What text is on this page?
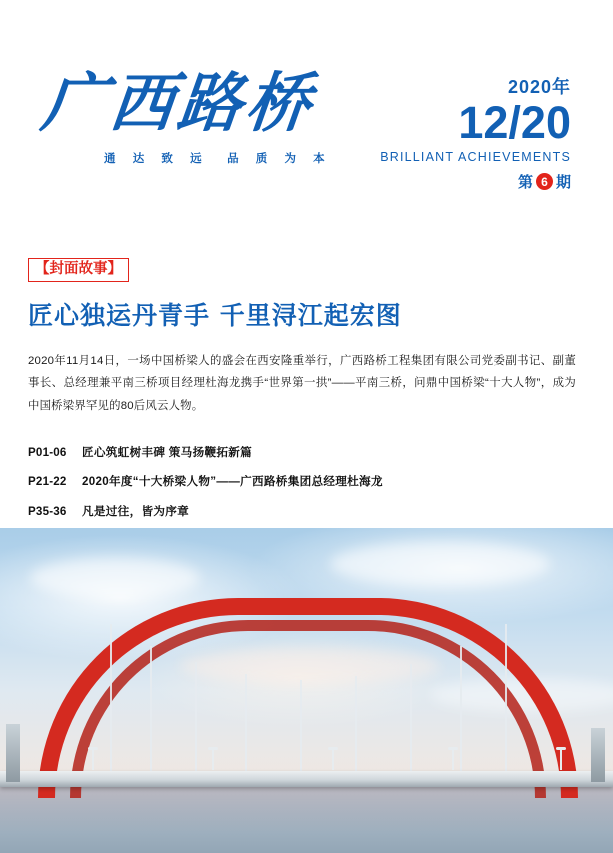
广西路桥
通 达 致 远　品 质 为 本
2020年
12/20
BRILLIANT ACHIEVEMENTS
第 6 期
【封面故事】
匠心独运丹青手 千里浔江起宏图
2020年11月14日，一场中国桥梁人的盛会在西安隆重举行，广西路桥工程集团有限公司党委副书记、副董事长、总经理兼平南三桥项目经理杜海龙携手“世界第一拱”——平南三桥，问鼎中国桥梁“十大人物”，成为中国桥梁界罕见的80后风云人物。
P01-06	匠心筑虹树丰碑 策马扬鞭拓新篇
P21-22	2020年度“十大桥梁人物”——广西路桥集团总经理杜海龙
P35-36	凡是过往，皆为序章
